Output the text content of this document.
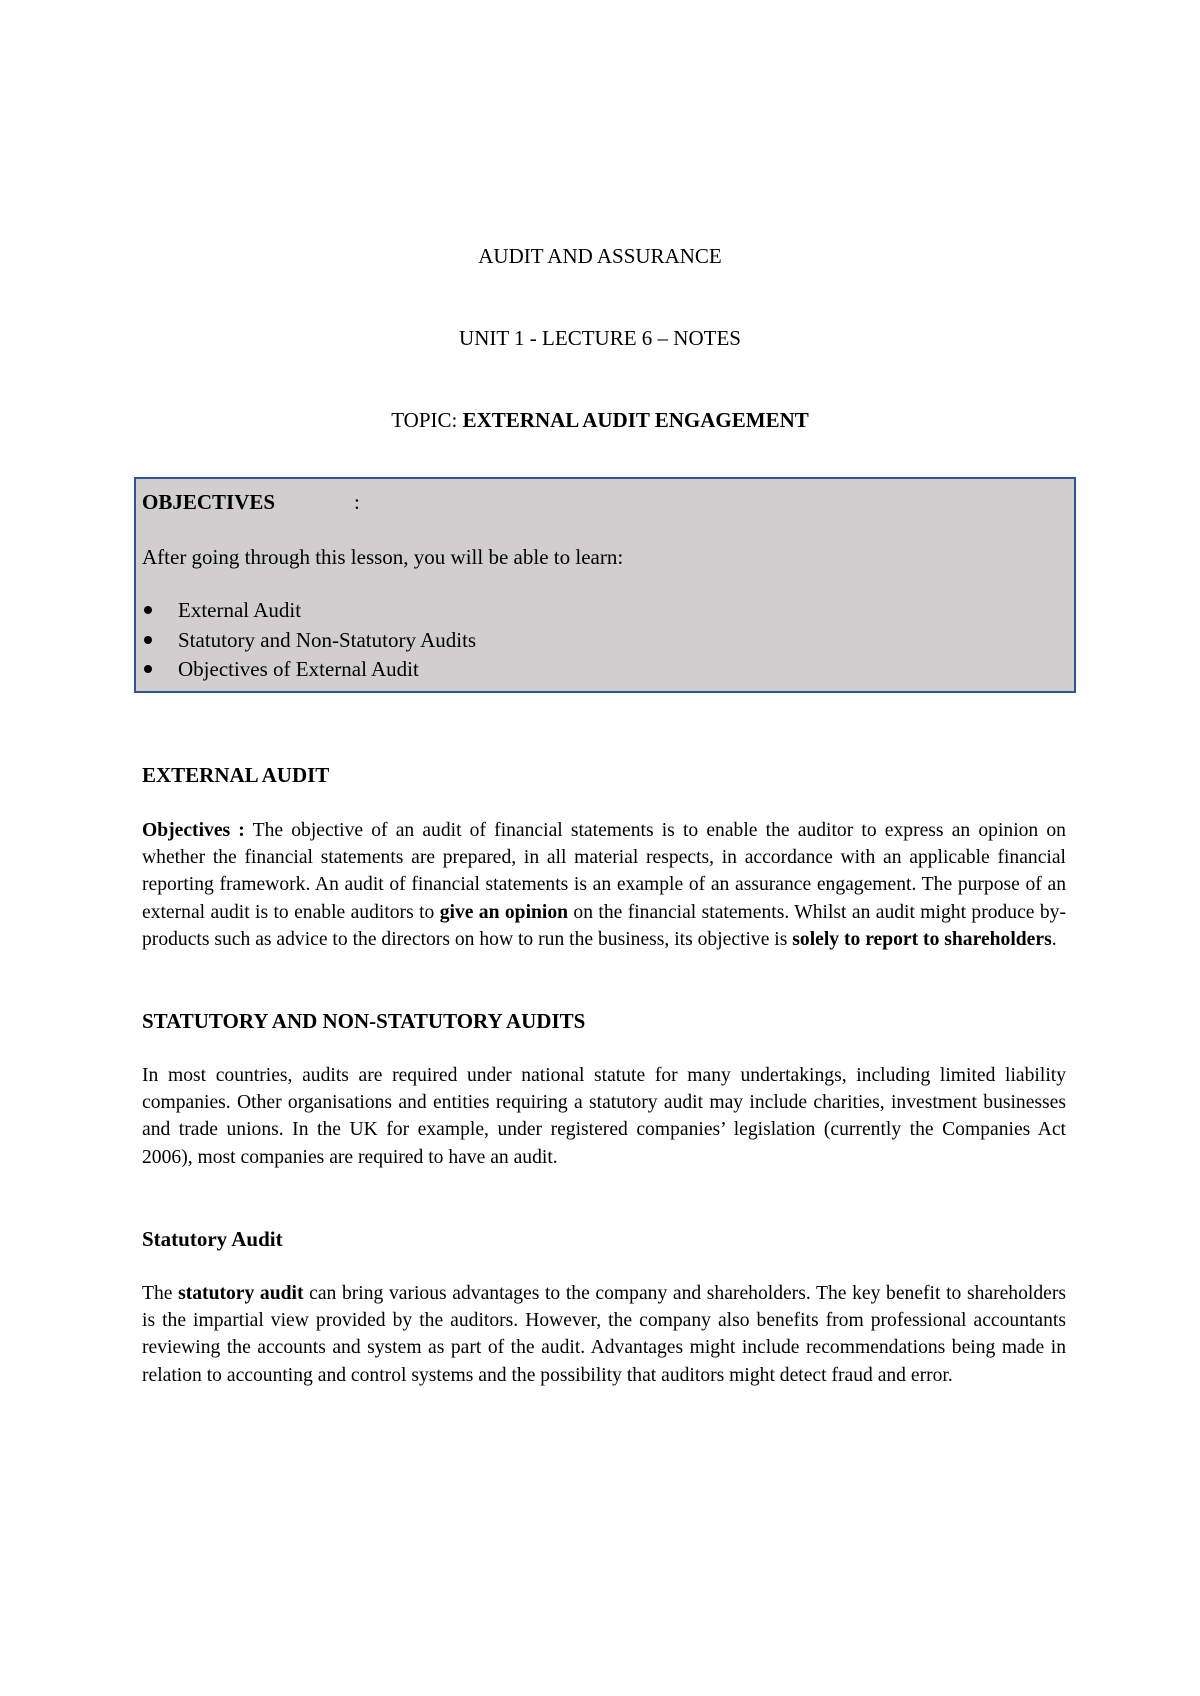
AUDIT AND ASSURANCE
UNIT 1 - LECTURE 6 – NOTES
TOPIC: EXTERNAL AUDIT ENGAGEMENT
OBJECTIVES	:
After going through this lesson, you will be able to learn:
External Audit
Statutory and Non-Statutory Audits
Objectives of External Audit
EXTERNAL AUDIT

Objectives : The objective of an audit of financial statements is to enable the auditor to express an opinion on whether the financial statements are prepared, in all material respects, in accordance with an applicable financial reporting framework. An audit of financial statements is an example of an assurance engagement. The purpose of an external audit is to enable auditors to give an opinion on the financial statements. Whilst an audit might produce by-products such as advice to the directors on how to run the business, its objective is solely to report to shareholders.

STATUTORY AND NON-STATUTORY AUDITS

In most countries, audits are required under national statute for many undertakings, including limited liability companies. Other organisations and entities requiring a statutory audit may include charities, investment businesses and trade unions. In the UK for example, under registered companies’ legislation (currently the Companies Act 2006), most companies are required to have an audit.

Statutory Audit

The statutory audit can bring various advantages to the company and shareholders. The key benefit to shareholders is the impartial view provided by the auditors. However, the company also benefits from professional accountants reviewing the accounts and system as part of the audit. Advantages might include recommendations being made in relation to accounting and control systems and the possibility that auditors might detect fraud and error.
